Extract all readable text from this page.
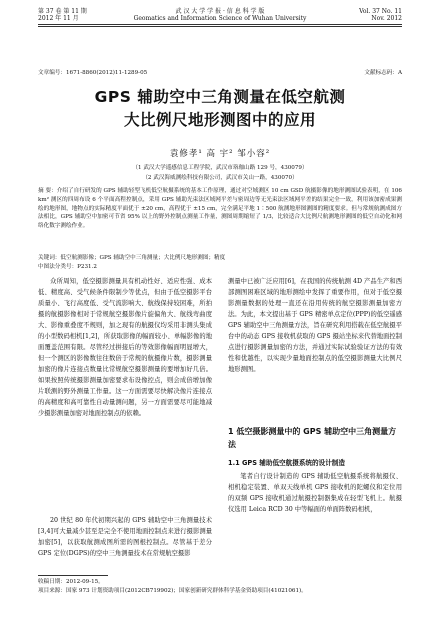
第 37 卷 第 11 期
2012 年 11 月
武 汉 大 学 学 报 · 信 息 科 学 版
Geomatics and Information Science of Wuhan University
Vol. 37 No. 11
Nov. 2012
文章编号：1671-8860(2012)11-1289-05	文献标志码：A
GPS 辅助空中三角测量在低空航测
大比例尺地形测图中的应用
袁修孝¹ 高 宇² 邹小容²
（1 武汉大学遥感信息工程学院，武汉市珞珈山路 129 号，430079）
（2 武汉海威测绘科技有限公司，武汉市关山一路，430070）

摘 要：介绍了自行研发的 GPS 辅助轻型飞机低空航摄系统的基本工作原理，通过对空域测区 10 cm GSD 航摄影像的地形测图试验表明，在 106 km² 测区的四周布设 6 个平面高程控制点，采用 GPS 辅助光束法区域网平差与密周边等无光束法区域网平差的结果完全一致，利用该加密成果测绘的地形图，地物点的实际精度平面优于 ±20 cm，高程优于 ±15 cm，完全满足平地 1∶500 航测地形图测图的精度要求。但与常规航测成图方法相比，GPS 辅助空中加密可节省 95% 以上的野外控制点测量工作量，测图周期缩短了 1/3，比较适合大比例尺航测地形测图的低空自动化和网络化数字测绘作业。

关键词：低空航测影像；GPS 辅助空中三角测量；大比例尺地形测图；精度
中图法分类号：P231.2

众所周知，低空摄影测量具有机动性好、适应性强、成本低、精度高、受气候条件限制少等优点，但由于低空摄影平台质量小、飞行高度低、受气流影响大、航线保持较困难，所拍摄的航摄影像相对于常规航空摄影像片旋偏角大、航线弯曲度大、影像重叠度不规则，加之现有的航摄仪均采用非测头集成的小型数码相机[1,2]，所获取影像的幅面较小、单幅影像的地面覆盖范围有限。尽管经过拼接后的等效影像幅面明显增大，但一个测区的影像数往往数倍于常规的航摄像片数，摄影测量加密的像片连接点数量比常规航空摄影测量的要增加好几倍。如果按照传统摄影测量加密要求布设像控点，则会成倍增加像片联测的野外测量工作量。这一方面需要尽快解决像片连接点的高精度和高可靠性自动量测问题，另一方面需要尽可能地减少摄影测量加密对地面控制点的依赖。

20 世纪 80 年代初期兴起的 GPS 辅助空中三角测量技术[3,4]可大量减少甚至是完全不使用地面控制点来进行摄影测量加密[5]，以获取航测成图所需的图根控制点。尽管基于差分 GPS 定位(DGPS)的空中三角测量技术在常规航空摄影

测量中已被广泛应用[6]，在我国的传统航测 4D 产品生产和西部测图困难区域的地形测绘中发挥了重要作用，但对于低空摄影测量数据的处理一直还在沿用传统的航空摄影测量加密方法。为此，本文提出基于 GPS 精密单点定位(PPP)的低空遥感 GPS 辅助空中三角测量方法，旨在研究利用搭载在低空航摄平台中的动态 GPS 接收机获取的 GPS 摄站坐标来代替地面控制点进行摄影测量加密的方法，并通过实际试验验证方法的有效性和优越性，以实现少量地面控制点的低空摄影测量大比例尺地形测图。

1 低空摄影测量中的 GPS 辅助空中三角测量方法
1.1 GPS 辅助低空航摄系统的设计制造

笔者自行设计制造的 GPS 辅助低空航摄系统将航摄仪、相机稳定装置、单双天线单机 GPS 接收机的陀螺仪和定位用的双频 GPS 接收机通过航摄控制器集成在轻型飞机上。航摄仪选用 Leica RCD 30 中等幅面的单面阵数码相机，

收稿日期：2012-09-15。
项目来源：国家 973 计划资助项目(2012CB719902)；国家创新研究群体科学基金资助项目(41021061)。
